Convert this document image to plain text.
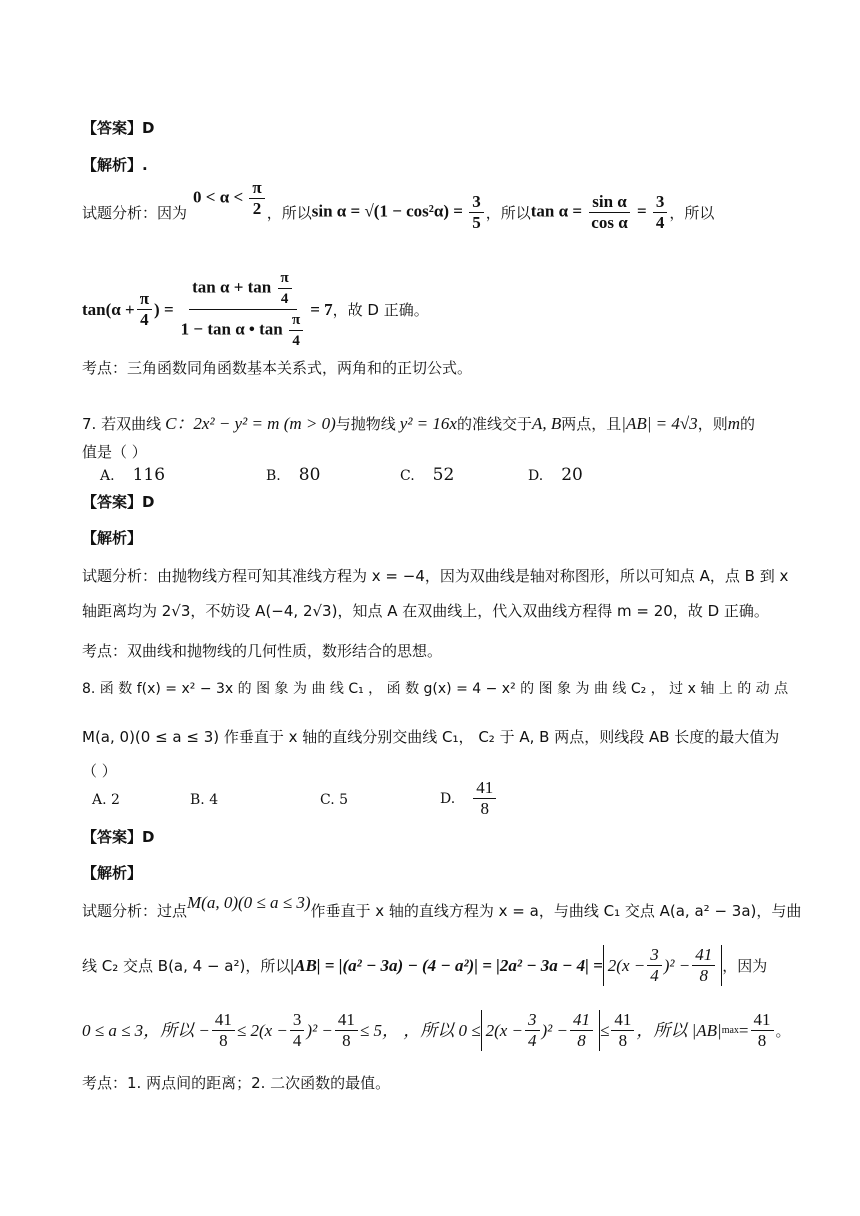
【答案】D
【解析】.
试题分析：因为
$0 < \alpha < \frac{\pi}{2}$ ，所以 $\sin \alpha = √(1 - \cos^2\alpha) = \frac{3}{5}$ ，所以 $\tan \alpha = \frac{\text{sin α}}{\text{cos α}} = \frac{3}{4}$ ，所以
$\tan(\alpha + \frac{\pi}{4}$ ) = $\frac{\tan \alpha + \tan \frac{\pi}{4}}{1 - \tan \alpha • \tan \frac{\pi}{4}} = 7$ ，故 D 正确。
考点：三角函数同角函数基本关系式，两角和的正切公式。
7. 若双曲线 C ：2x² − y² = m (m > 0) 与抛物线 y² = 16x 的准线交于 A, B 两点，且 |AB| = 4√3 ，则 m 的
值是（ ）
A. 116	B. 80	C. 52	D. 20
【答案】D
【解析】
试题分析：由抛物线方程可知其准线方程为 x = −4，因为双曲线是轴对称图形，所以可知点 A，点 B 到 x
轴距离均为 2√3，不妨设 A(−4, 2√3)，知点 A 在双曲线上，代入双曲线方程得 m = 20，故 D 正确。
考点：双曲线和抛物线的几何性质，数形结合的思想。
8. 函 数 f(x) = x² − 3x 的 图 象 为 曲 线 C₁ ， 函 数 g(x) = 4 − x² 的 图 象 为 曲 线 C₂ ， 过 x 轴 上 的 动 点
M(a, 0)(0 ≤ a ≤ 3) 作垂直于 x 轴的直线分别交曲线 C₁， C₂ 于 A, B 两点，则线段 AB 长度的最大值为
（ ）
A. 2	B. 4	C. 5	D. $\frac{41}{8}$
【答案】D
【解析】
试题分析：过点 M(a, 0)(0 ≤ a ≤ 3) 作垂直于 x 轴的直线方程为 x = a，与曲线 C₁ 交点 A(a, a² − 3a)，与曲
线 C₂ 交点 B(a, 4 − a²)，所以 $|AB| = |(a^2 - 3a) - (4 - a^2)| = |2a^2 - 3a - 4| = 2(x - \frac{3}{4} )^2 - \frac{41}{8}$ ，因为
0 ≤ a ≤ 3，所以 − $\frac{41}{8} \le 2(x - \frac{3}{4} )^2 - \frac{41}{8} \le 5$， ，所以 $0 \le 2(x - \frac{3}{4} )^2 - \frac{41}{8} \le \frac{41}{8}$ ，所以 |AB| $\max = \frac{41}{8}$ 。
考点：1. 两点间的距离；2. 二次函数的最值。
